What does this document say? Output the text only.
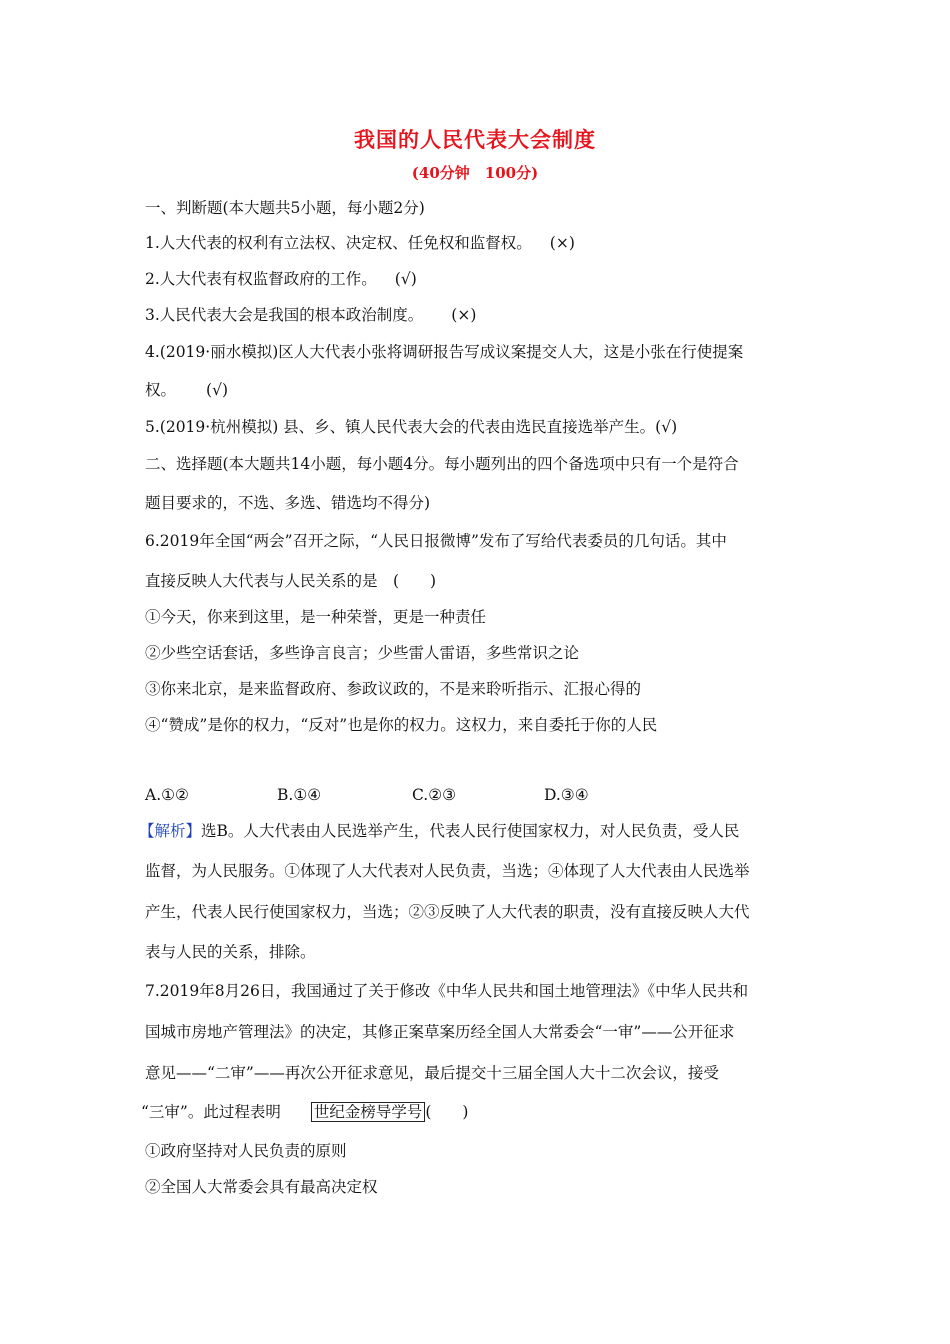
我国的人民代表大会制度
(40分钟　100分)
一、判断题(本大题共5小题，每小题2分)
1.人大代表的权利有立法权、决定权、任免权和监督权。 (×)
2.人大代表有权监督政府的工作。 (√)
3.人民代表大会是我国的根本政治制度。 (×)
4.(2019·丽水模拟)区人大代表小张将调研报告写成议案提交人大，这是小张在行使提案
权。 (√)
5.(2019·杭州模拟) 县、乡、镇人民代表大会的代表由选民直接选举产生。(√)
二、选择题(本大题共14小题，每小题4分。每小题列出的四个备选项中只有一个是符合
题目要求的，不选、多选、错选均不得分)
6.2019年全国“两会”召开之际，“人民日报微博”发布了写给代表委员的几句话。其中
直接反映人大代表与人民关系的是　(　　)
①今天，你来到这里，是一种荣誉，更是一种责任
②少些空话套话，多些诤言良言；少些雷人雷语，多些常识之论
③你来北京，是来监督政府、参政议政的，不是来聆听指示、汇报心得的
④“赞成”是你的权力，“反对”也是你的权力。这权力，来自委托于你的人民
A.①②	B.①④	C.②③	D.③④
【解析】选B。人大代表由人民选举产生，代表人民行使国家权力，对人民负责，受人民
监督，为人民服务。①体现了人大代表对人民负责，当选；④体现了人大代表由人民选举
产生，代表人民行使国家权力，当选；②③反映了人大代表的职责，没有直接反映人大代
表与人民的关系，排除。
7.2019年8月26日，我国通过了关于修改《中华人民共和国土地管理法》《中华人民共和
国城市房地产管理法》的决定，其修正案草案历经全国人大常委会“一审”——公开征求
意见——“二审”——再次公开征求意见，最后提交十三届全国人大十二次会议，接受
“三审”。此过程表明 世纪金榜导学号 (　　)
①政府坚持对人民负责的原则
②全国人大常委会具有最高决定权
